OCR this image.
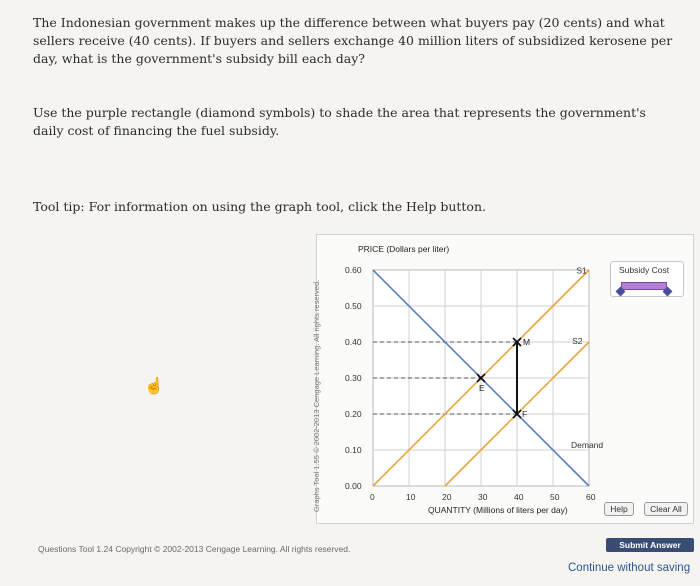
The Indonesian government makes up the difference between what buyers pay (20 cents) and what sellers receive (40 cents). If buyers and sellers exchange 40 million liters of subsidized kerosene per day, what is the government's subsidy bill each day?

Use the purple rectangle (diamond symbols) to shade the area that represents the government's daily cost of financing the fuel subsidy.

Tool tip: For information on using the graph tool, click the Help button.

☝	Graphs Tool 1.55 © 2002-2013 Cengage Learning. All rights reserved.	M
E
F
0.60
0.50
0.40
0.30
0.20
0.10
0.00
0	10	20	30	40	50	60
PRICE (Dollars per liter)
QUANTITY (Millions of liters per day)
S1
S2
Demand
Subsidy Cost
Help	Clear All
Questions Tool 1.24 Copyright © 2002-2013 Cengage Learning. All rights reserved.	Submit Answer
Continue without saving
